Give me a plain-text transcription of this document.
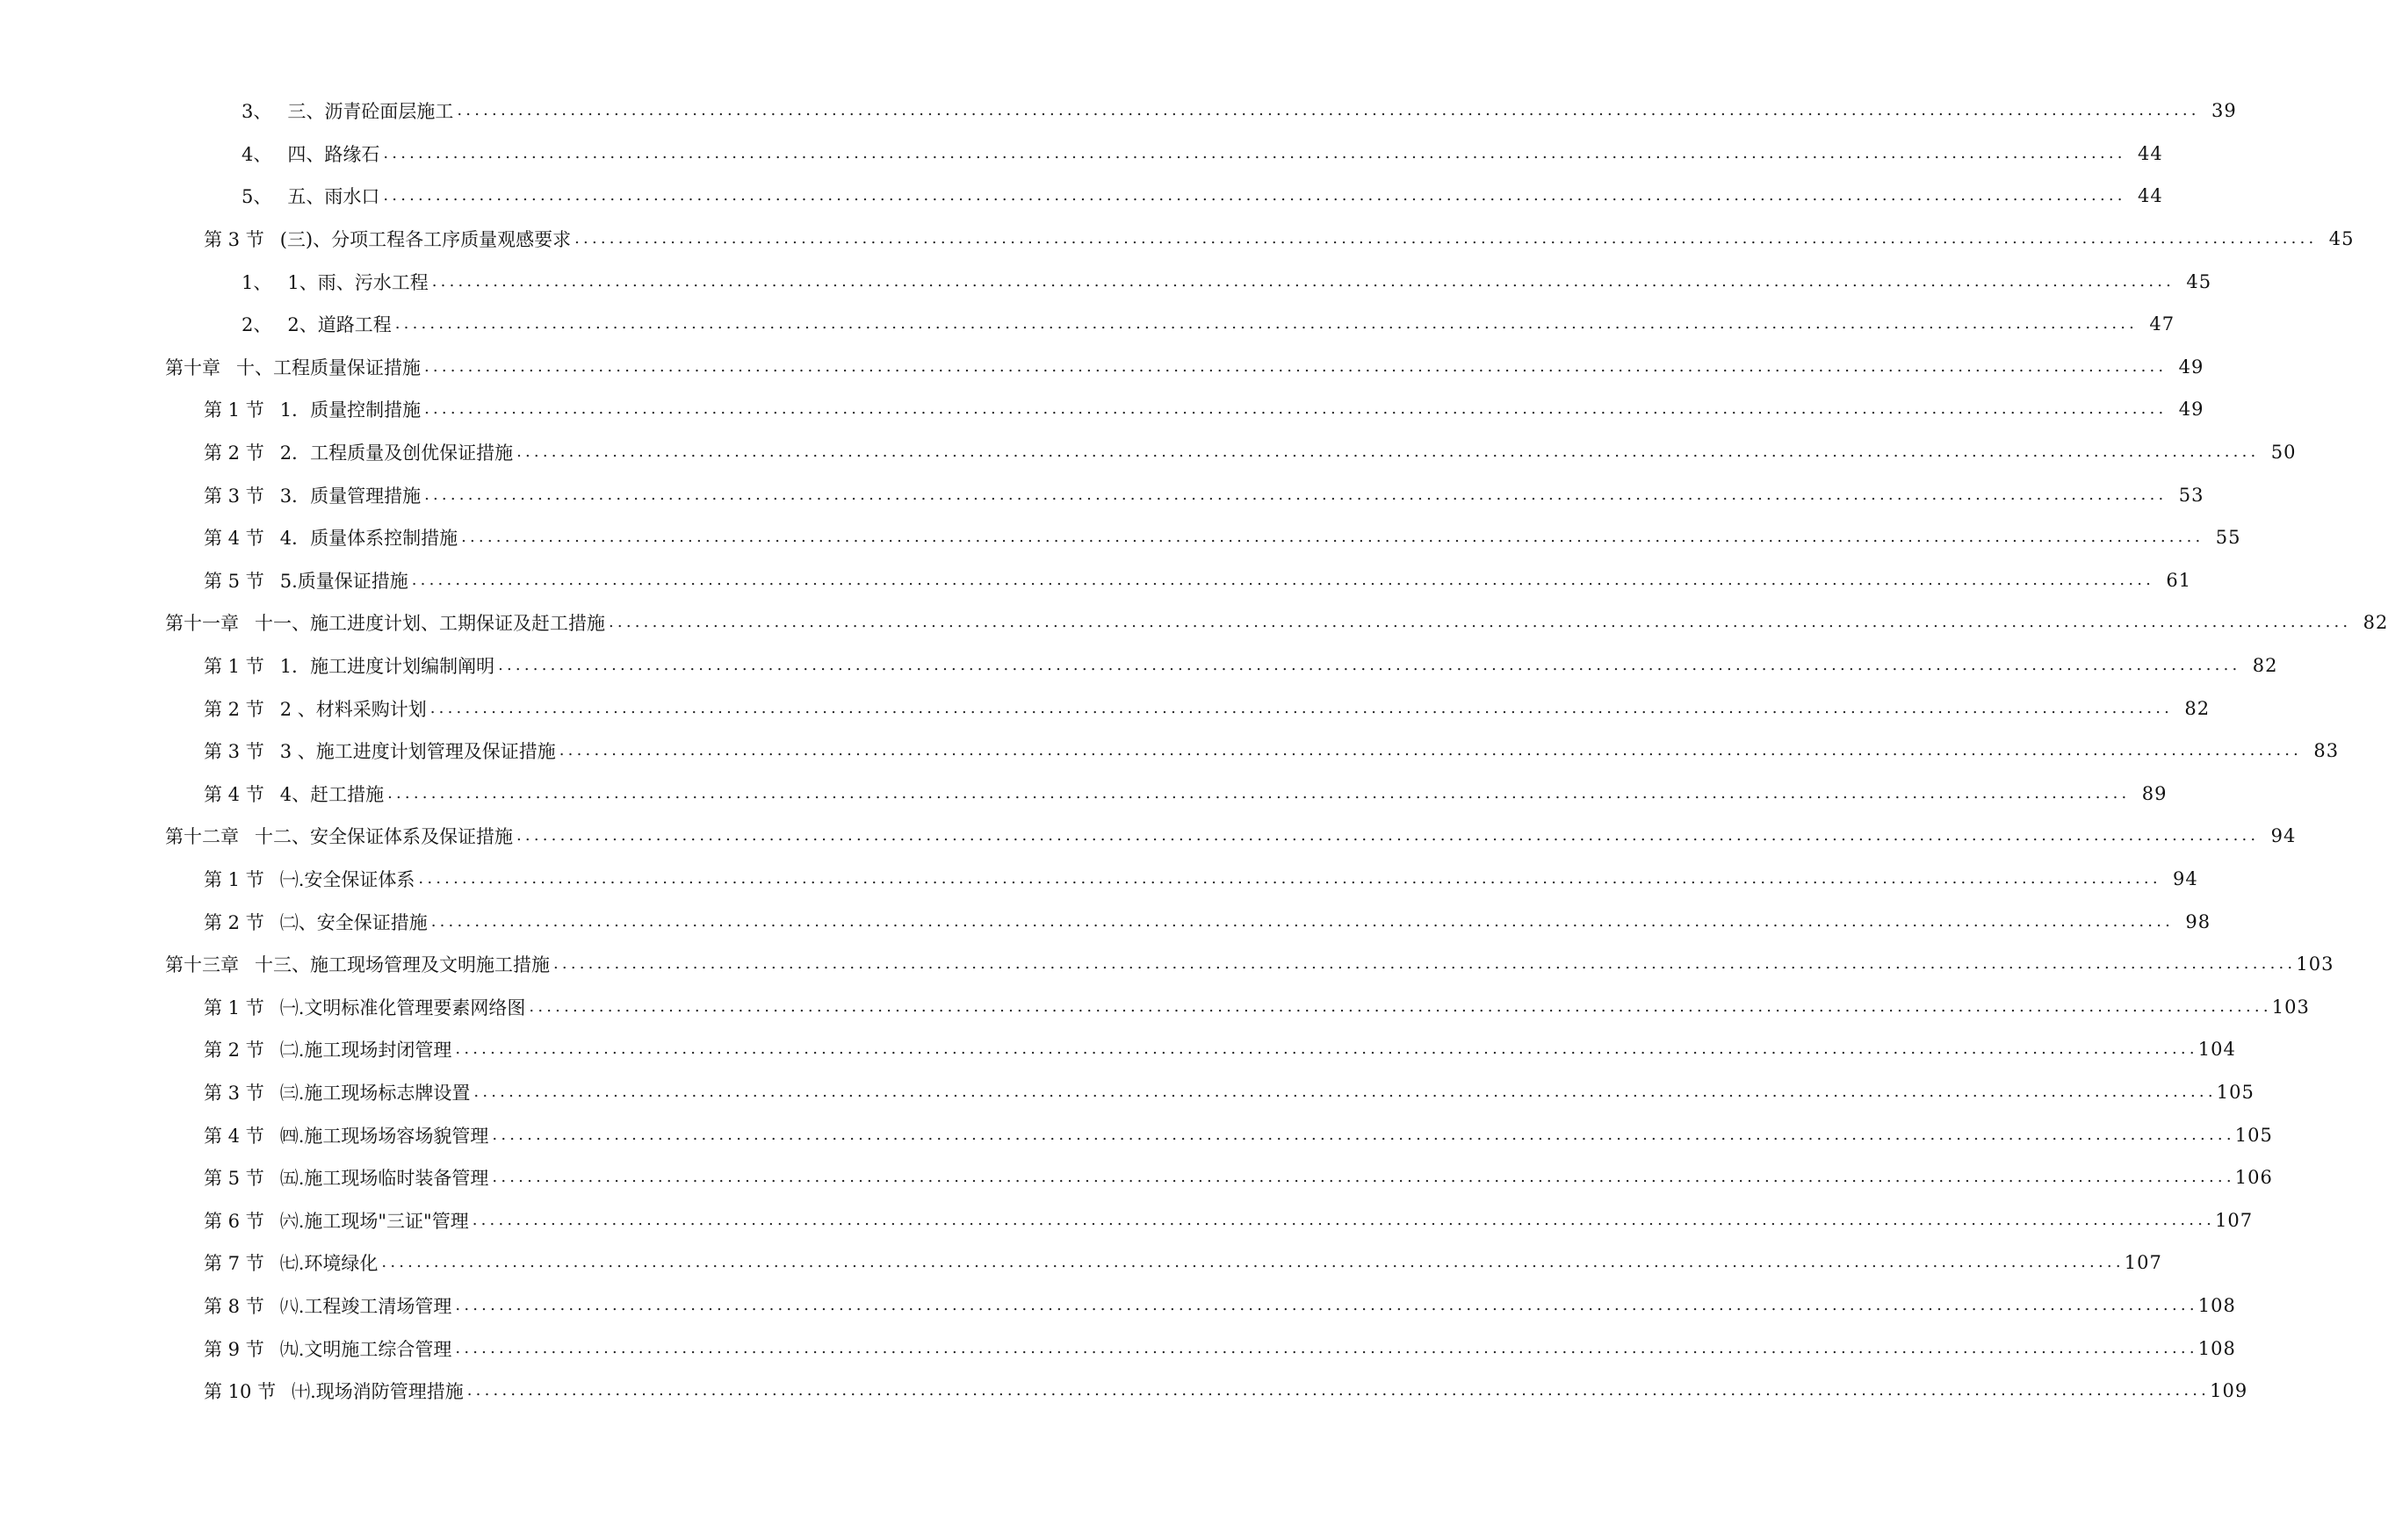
3、 三、沥青砼面层施工 ........................................................................................................................................................................................................ 39
4、 四、路缘石 ........................................................................................................................................................................................................ 44
5、 五、雨水口 ........................................................................................................................................................................................................ 44
第 3 节 (三)、分项工程各工序质量观感要求 ........................................................................................................................................................................................................ 45
1、 1、雨、污水工程 ........................................................................................................................................................................................................ 45
2、 2、道路工程 ........................................................................................................................................................................................................ 47
第十章 十、工程质量保证措施 ........................................................................................................................................................................................................ 49
第 1 节 1．质量控制措施 ........................................................................................................................................................................................................ 49
第 2 节 2．工程质量及创优保证措施 ........................................................................................................................................................................................................ 50
第 3 节 3．质量管理措施 ........................................................................................................................................................................................................ 53
第 4 节 4．质量体系控制措施 ........................................................................................................................................................................................................ 55
第 5 节 5.质量保证措施 ........................................................................................................................................................................................................ 61
第十一章 十一、施工进度计划、工期保证及赶工措施 ........................................................................................................................................................................................................ 82
第 1 节 1．施工进度计划编制阐明 ........................................................................................................................................................................................................ 82
第 2 节 2 、材料采购计划 ........................................................................................................................................................................................................ 82
第 3 节 3 、施工进度计划管理及保证措施 ........................................................................................................................................................................................................ 83
第 4 节 4、赶工措施 ........................................................................................................................................................................................................ 89
第十二章 十二、安全保证体系及保证措施 ........................................................................................................................................................................................................ 94
第 1 节 ㈠.安全保证体系 ........................................................................................................................................................................................................ 94
第 2 节 ㈡、安全保证措施 ........................................................................................................................................................................................................ 98
第十三章 十三、施工现场管理及文明施工措施 ........................................................................................................................................................................................................ 103
第 1 节 ㈠.文明标准化管理要素网络图 ........................................................................................................................................................................................................ 103
第 2 节 ㈡.施工现场封闭管理 ........................................................................................................................................................................................................ 104
第 3 节 ㈢.施工现场标志牌设置 ........................................................................................................................................................................................................ 105
第 4 节 ㈣.施工现场场容场貌管理 ........................................................................................................................................................................................................ 105
第 5 节 ㈤.施工现场临时装备管理 ........................................................................................................................................................................................................ 106
第 6 节 ㈥.施工现场"三证"管理 ........................................................................................................................................................................................................ 107
第 7 节 ㈦.环境绿化 ........................................................................................................................................................................................................ 107
第 8 节 ㈧.工程竣工清场管理 ........................................................................................................................................................................................................ 108
第 9 节 ㈨.文明施工综合管理 ........................................................................................................................................................................................................ 108
第 10 节 ㈩.现场消防管理措施 ........................................................................................................................................................................................................ 109
